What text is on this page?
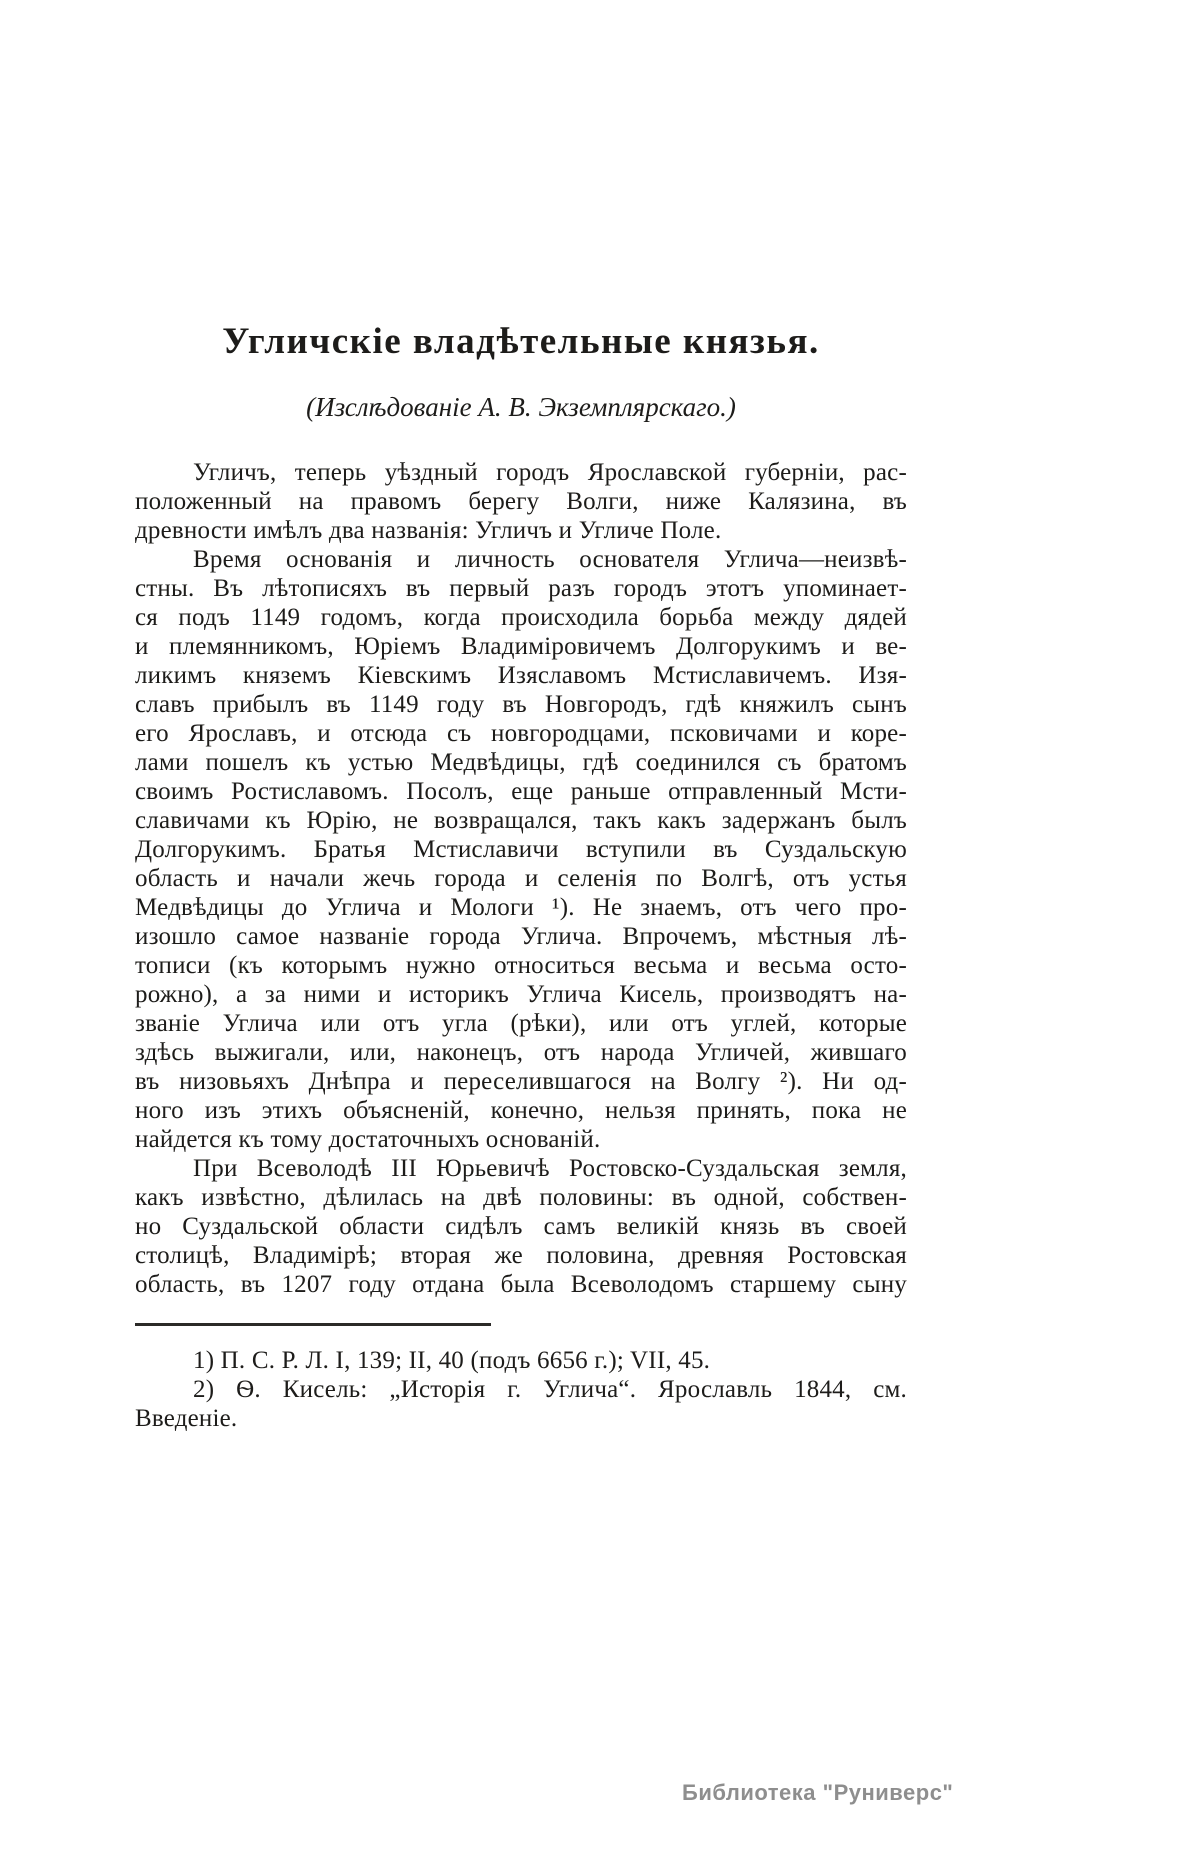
Угличскіе владѣтельные князья.
(Изслѣдованіе А. В. Экземплярскаго.)
Угличъ, теперь уѣздный городъ Ярославской губерніи, рас-
положенный на правомъ берегу Волги, ниже Калязина, въ
древности имѣлъ два названія: Угличъ и Угличе Поле.
Время основанія и личность основателя Углича—неизвѣ-
стны. Въ лѣтописяхъ въ первый разъ городъ этотъ упоминает-
ся подъ 1149 годомъ, когда происходила борьба между дядей
и племянникомъ, Юріемъ Владиміровичемъ Долгорукимъ и ве-
ликимъ княземъ Кіевскимъ Изяславомъ Мстиславичемъ. Изя-
славъ прибылъ въ 1149 году въ Новгородъ, гдѣ княжилъ сынъ
его Ярославъ, и отсюда съ новгородцами, псковичами и коре-
лами пошелъ къ устью Медвѣдицы, гдѣ соединился съ братомъ
своимъ Ростиславомъ. Посолъ, еще раньше отправленный Мсти-
славичами къ Юрію, не возвращался, такъ какъ задержанъ былъ
Долгорукимъ. Братья Мстиславичи вступили въ Суздальскую
область и начали жечь города и селенія по Волгѣ, отъ устья
Медвѣдицы до Углича и Мологи ¹). Не знаемъ, отъ чего про-
изошло самое названіе города Углича. Впрочемъ, мѣстныя лѣ-
тописи (къ которымъ нужно относиться весьма и весьма осто-
рожно), а за ними и историкъ Углича Кисель, производятъ на-
званіе Углича или отъ угла (рѣки), или отъ углей, которые
здѣсь выжигали, или, наконецъ, отъ народа Угличей, жившаго
въ низовьяхъ Днѣпра и переселившагося на Волгу ²). Ни од-
ного изъ этихъ объясненій, конечно, нельзя принять, пока не
найдется къ тому достаточныхъ основаній.
При Всеволодѣ III Юрьевичѣ Ростовско-Суздальская земля,
какъ извѣстно, дѣлилась на двѣ половины: въ одной, собствен-
но Суздальской области сидѣлъ самъ великій князь въ своей
столицѣ, Владимірѣ; вторая же половина, древняя Ростовская
область, въ 1207 году отдана была Всеволодомъ старшему сыну
1) П. С. Р. Л. I, 139; II, 40 (подъ 6656 г.); VII, 45.
2) Ѳ. Кисель: „Исторія г. Углича“. Ярославль 1844, см.
Введеніе.
Библиотека "Руниверс"
